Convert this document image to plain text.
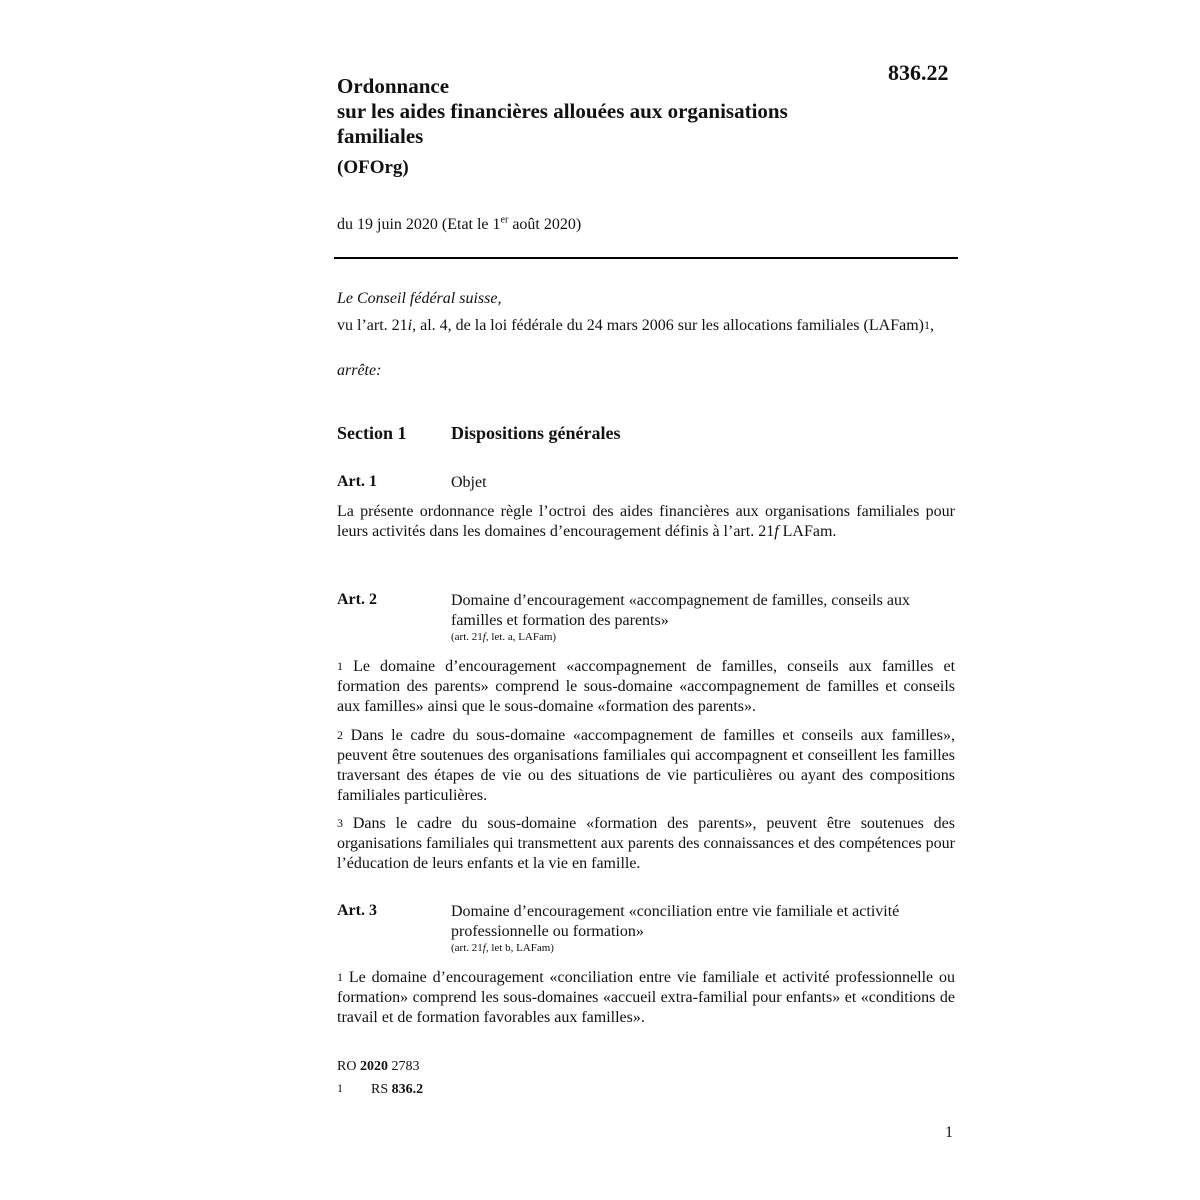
836.22
Ordonnance
sur les aides financières allouées aux organisations
familiales
(OFOrg)
du 19 juin 2020 (Etat le 1er août 2020)
Le Conseil fédéral suisse,
vu l’art. 21i, al. 4, de la loi fédérale du 24 mars 2006 sur les allocations familiales (LAFam)1,
arrête:
Section 1 Dispositions générales
Art. 1	Objet
La présente ordonnance règle l’octroi des aides financières aux organisations familiales pour leurs activités dans les domaines d’encouragement définis à l’art. 21f LAFam.
Art. 2	Domaine d’encouragement «accompagnement de familles, conseils aux familles et formation des parents»
(art. 21f, let. a, LAFam)
1 Le domaine d’encouragement «accompagnement de familles, conseils aux familles et formation des parents» comprend le sous-domaine «accompagnement de familles et conseils aux familles» ainsi que le sous-domaine «formation des parents».
2 Dans le cadre du sous-domaine «accompagnement de familles et conseils aux familles», peuvent être soutenues des organisations familiales qui accompagnent et conseillent les familles traversant des étapes de vie ou des situations de vie particulières ou ayant des compositions familiales particulières.
3 Dans le cadre du sous-domaine «formation des parents», peuvent être soutenues des organisations familiales qui transmettent aux parents des connaissances et des compétences pour l’éducation de leurs enfants et la vie en famille.
Art. 3	Domaine d’encouragement «conciliation entre vie familiale et activité professionnelle ou formation»
(art. 21f, let b, LAFam)
1 Le domaine d’encouragement «conciliation entre vie familiale et activité professionnelle ou formation» comprend les sous-domaines «accueil extra-familial pour enfants» et «conditions de travail et de formation favorables aux familles».
RO 2020 2783
1 RS 836.2
1
